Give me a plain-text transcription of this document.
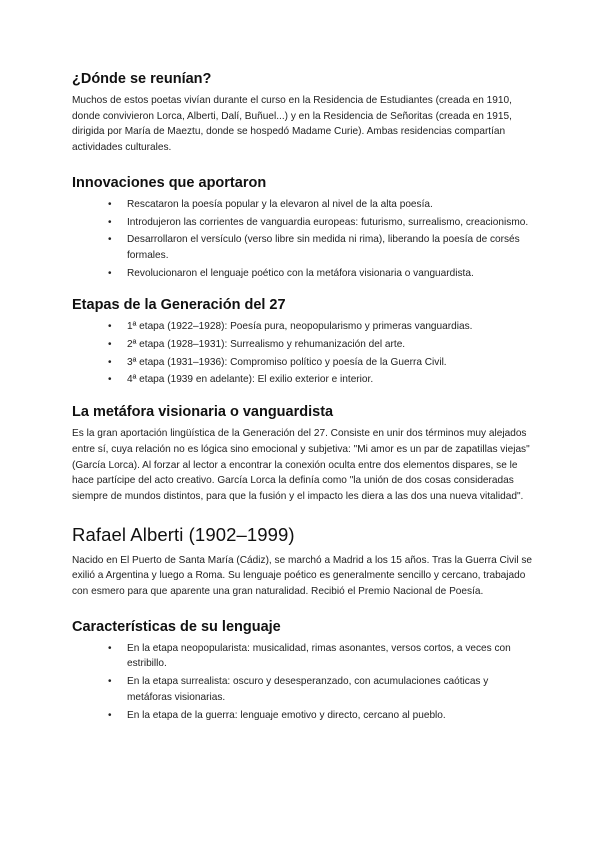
¿Dónde se reunían?

Muchos de estos poetas vivían durante el curso en la Residencia de Estudiantes (creada en 1910, donde convivieron Lorca, Alberti, Dalí, Buñuel...) y en la Residencia de Señoritas (creada en 1915, dirigida por María de Maeztu, donde se hospedó Madame Curie). Ambas residencias compartían actividades culturales.

Innovaciones que aportaron
• Rescataron la poesía popular y la elevaron al nivel de la alta poesía.
• Introdujeron las corrientes de vanguardia europeas: futurismo, surrealismo, creacionismo.
• Desarrollaron el versículo (verso libre sin medida ni rima), liberando la poesía de corsés formales.
• Revolucionaron el lenguaje poético con la metáfora visionaria o vanguardista.
Etapas de la Generación del 27
• 1ª etapa (1922–1928): Poesía pura, neopopularismo y primeras vanguardias.
• 2ª etapa (1928–1931): Surrealismo y rehumanización del arte.
• 3ª etapa (1931–1936): Compromiso político y poesía de la Guerra Civil.
• 4ª etapa (1939 en adelante): El exilio exterior e interior.
La metáfora visionaria o vanguardista

Es la gran aportación lingüística de la Generación del 27. Consiste en unir dos términos muy alejados entre sí, cuya relación no es lógica sino emocional y subjetiva: "Mi amor es un par de zapatillas viejas" (García Lorca). Al forzar al lector a encontrar la conexión oculta entre dos elementos dispares, se le hace partícipe del acto creativo. García Lorca la definía como "la unión de dos cosas consideradas siempre de mundos distintos, para que la fusión y el impacto les diera a las dos una nueva vitalidad".

Rafael Alberti (1902–1999)

Nacido en El Puerto de Santa María (Cádiz), se marchó a Madrid a los 15 años. Tras la Guerra Civil se exilió a Argentina y luego a Roma. Su lenguaje poético es generalmente sencillo y cercano, trabajado con esmero para que aparente una gran naturalidad. Recibió el Premio Nacional de Poesía.

Características de su lenguaje
• En la etapa neopopularista: musicalidad, rimas asonantes, versos cortos, a veces con estribillo.
• En la etapa surrealista: oscuro y desesperanzado, con acumulaciones caóticas y metáforas visionarias.
• En la etapa de la guerra: lenguaje emotivo y directo, cercano al pueblo.
